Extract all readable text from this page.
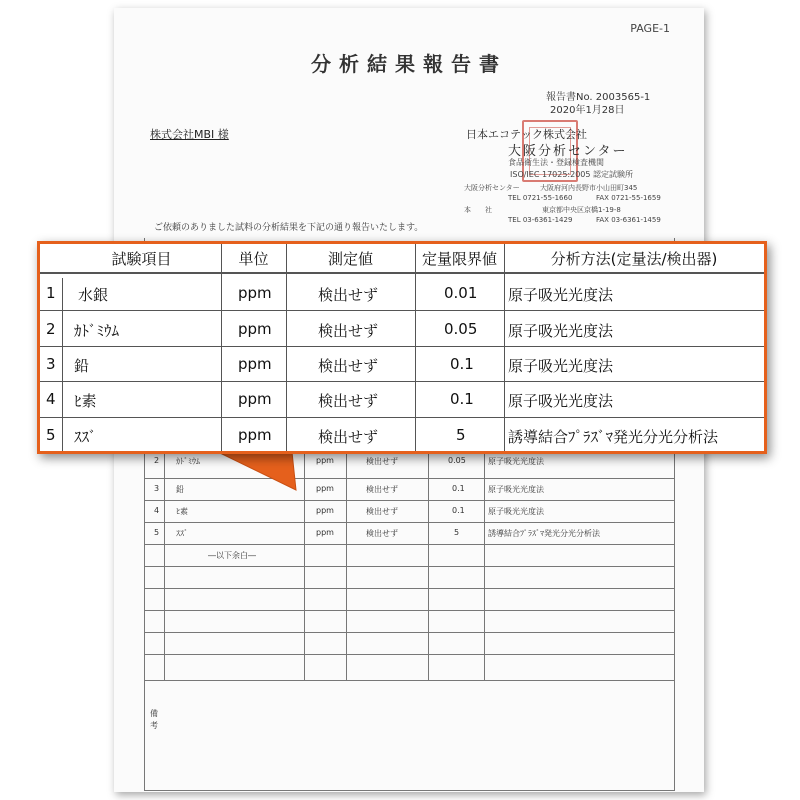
PAGE-1
分析結果報告書
報告書No. 2003565-1
2020年1月28日
株式会社MBI 様	日本エコテック株式会社
大阪分析センター
食品衛生法・登録検査機関
ISO/IEC 17025:2005 認定試験所
大阪分析センター	大阪府河内長野市小山田町345
TEL 0721-55-1660	FAX 0721-55-1659
本　　社	東京都中央区京橋1-19-8
TEL 03-6361-1429	FAX 03-6361-1459
ご依頼のありました試料の分析結果を下記の通り報告いたします。
2 ｶﾄﾞﾐｳﾑ	ppm	検出せず	0.05	原子吸光光度法
3 鉛	ppm	検出せず	0.1	原子吸光光度法
4 ﾋ素	ppm	検出せず	0.1	原子吸光光度法
5 ｽｽﾞ	ppm	検出せず	5	誘導結合ﾌﾟﾗｽﾞﾏ発光分光分析法
―以下余白―
備考
試験項目	単位	測定値	定量限界値	分析方法(定量法/検出器)
1 水銀	ppm	検出せず	0.01 原子吸光光度法
2 ｶﾄﾞﾐｳﾑ	ppm	検出せず	0.05 原子吸光光度法
3 鉛	ppm	検出せず	0.1 原子吸光光度法
4 ﾋ素	ppm	検出せず	0.1 原子吸光光度法
5 ｽｽﾞ	ppm	検出せず	5	誘導結合ﾌﾟﾗｽﾞﾏ発光分光分析法
